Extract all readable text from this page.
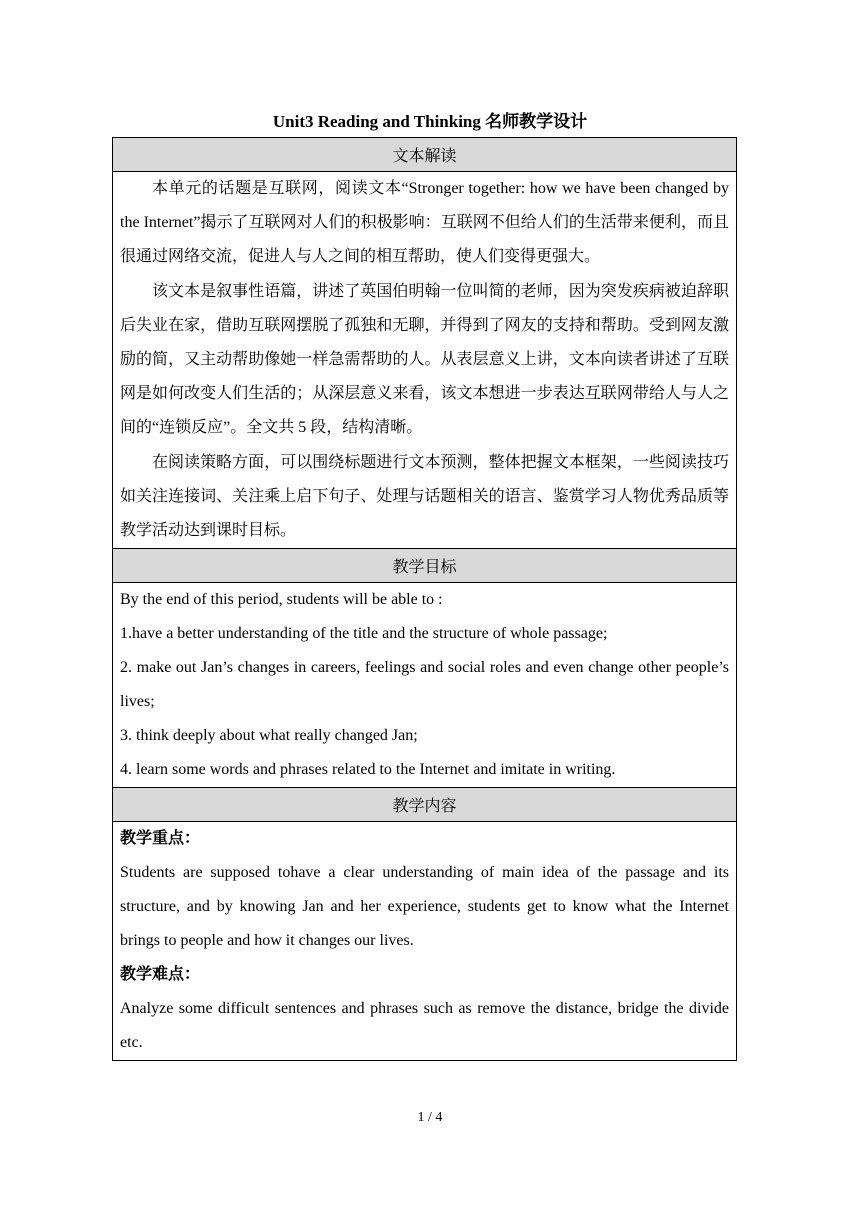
Unit3 Reading and Thinking 名师教学设计
文本解读

本单元的话题是互联网，阅读文本“Stronger together: how we have been changed by the Internet”揭示了互联网对人们的积极影响：互联网不但给人们的生活带来便利，而且很通过网络交流，促进人与人之间的相互帮助，使人们变得更强大。

该文本是叙事性语篇，讲述了英国伯明翰一位叫简的老师，因为突发疾病被迫辞职后失业在家，借助互联网摆脱了孤独和无聊，并得到了网友的支持和帮助。受到网友激励的简，又主动帮助像她一样急需帮助的人。从表层意义上讲，文本向读者讲述了互联网是如何改变人们生活的；从深层意义来看，该文本想进一步表达互联网带给人与人之间的“连锁反应”。全文共 5 段，结构清晰。

在阅读策略方面，可以围绕标题进行文本预测，整体把握文本框架，一些阅读技巧如关注连接词、关注乘上启下句子、处理与话题相关的语言、鉴赏学习人物优秀品质等教学活动达到课时目标。

教学目标

By the end of this period, students will be able to :

1.have a better understanding of the title and the structure of whole passage;

2. make out Jan’s changes in careers, feelings and social roles and even change other people’s lives;

3. think deeply about what really changed Jan;

4. learn some words and phrases related to the Internet and imitate in writing.

教学内容

教学重点：

Students are supposed tohave a clear understanding of main idea of the passage and its structure, and by knowing Jan and her experience, students get to know what the Internet brings to people and how it changes our lives.

教学难点：

Analyze some difficult sentences and phrases such as remove the distance, bridge the divide etc.

1 / 4
